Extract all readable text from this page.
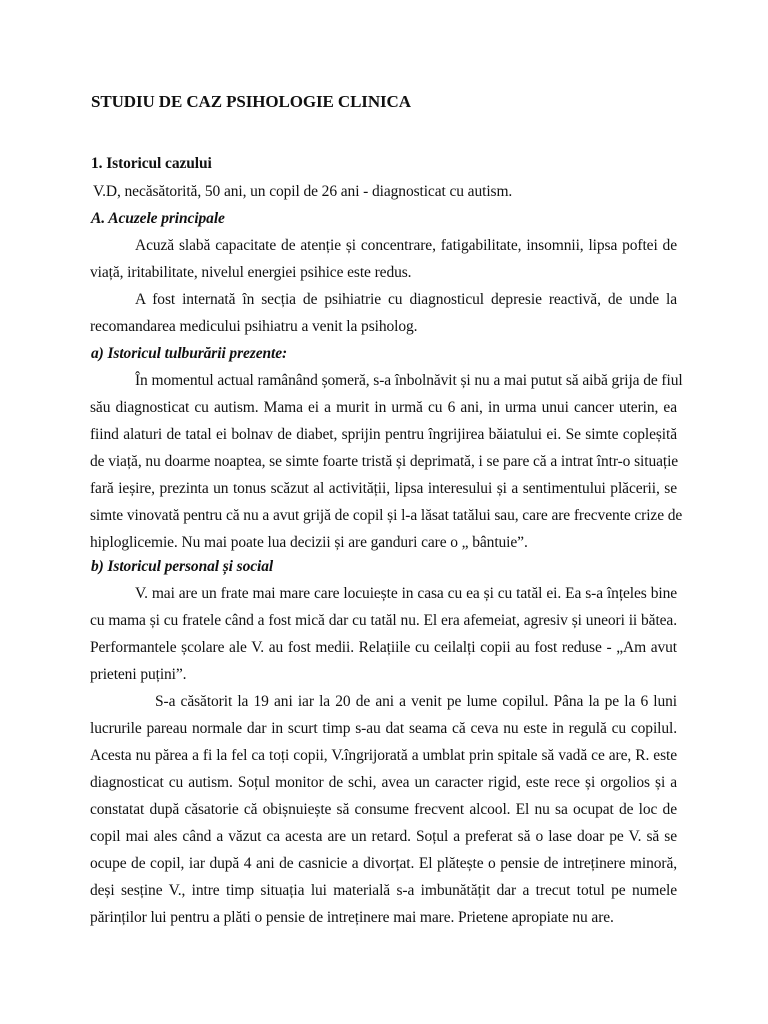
STUDIU DE CAZ PSIHOLOGIE CLINICA
1. Istoricul cazului
V.D, necăsătorită, 50 ani, un copil de 26 ani - diagnosticat cu autism.
A. Acuzele principale
Acuză slabă capacitate de atenție și concentrare, fatigabilitate, insomnii, lipsa poftei de
viață, iritabilitate, nivelul energiei psihice este redus.
A fost internată în secția de psihiatrie cu diagnosticul depresie reactivă, de unde la
recomandarea medicului psihiatru a venit la psiholog.
a) Istoricul tulburării prezente:
În momentul actual ramânând șomeră, s-a înbolnăvit și nu a mai putut să aibă grija de fiul
său diagnosticat cu autism. Mama ei a murit in urmă cu 6 ani, in urma unui cancer uterin, ea
fiind alaturi de tatal ei bolnav de diabet, sprijin pentru îngrijirea băiatului ei. Se simte copleșită
de viață, nu doarme noaptea, se simte foarte tristă și deprimată, i se pare că a intrat într-o situație
fară ieșire, prezinta un tonus scăzut al activității, lipsa interesului și a sentimentului plăcerii, se
simte vinovată pentru că nu a avut grijă de copil și l-a lăsat tatălui sau, care are frecvente crize de
hiploglicemie. Nu mai poate lua decizii și are ganduri care o „ bântuie”.
b) Istoricul personal și social
V. mai are un frate mai mare care locuiește in casa cu ea și cu tatăl ei. Ea s-a înțeles bine
cu mama și cu fratele când a fost mică dar cu tatăl nu. El era afemeiat, agresiv și uneori ii bătea.
Performantele școlare ale V. au fost medii. Relațiile cu ceilalți copii au fost reduse - „Am avut
prieteni puțini”.
S-a căsătorit la 19 ani iar la 20 de ani a venit pe lume copilul. Pâna la pe la 6 luni
lucrurile pareau normale dar in scurt timp s-au dat seama că ceva nu este in regulă cu copilul.
Acesta nu părea a fi la fel ca toți copii, V.îngrijorată a umblat prin spitale să vadă ce are, R. este
diagnosticat cu autism. Soțul monitor de schi, avea un caracter rigid, este rece și orgolios și a
constatat după căsatorie că obișnuiește să consume frecvent alcool. El nu sa ocupat de loc de
copil mai ales când a văzut ca acesta are un retard. Soțul a preferat să o lase doar pe V. să se
ocupe de copil, iar după 4 ani de casnicie a divorțat. El plătește o pensie de intreținere minoră,
deși sesține V., intre timp situația lui materială s-a imbunătățit dar a trecut totul pe numele
părinților lui pentru a plăti o pensie de intreținere mai mare. Prietene apropiate nu are.
